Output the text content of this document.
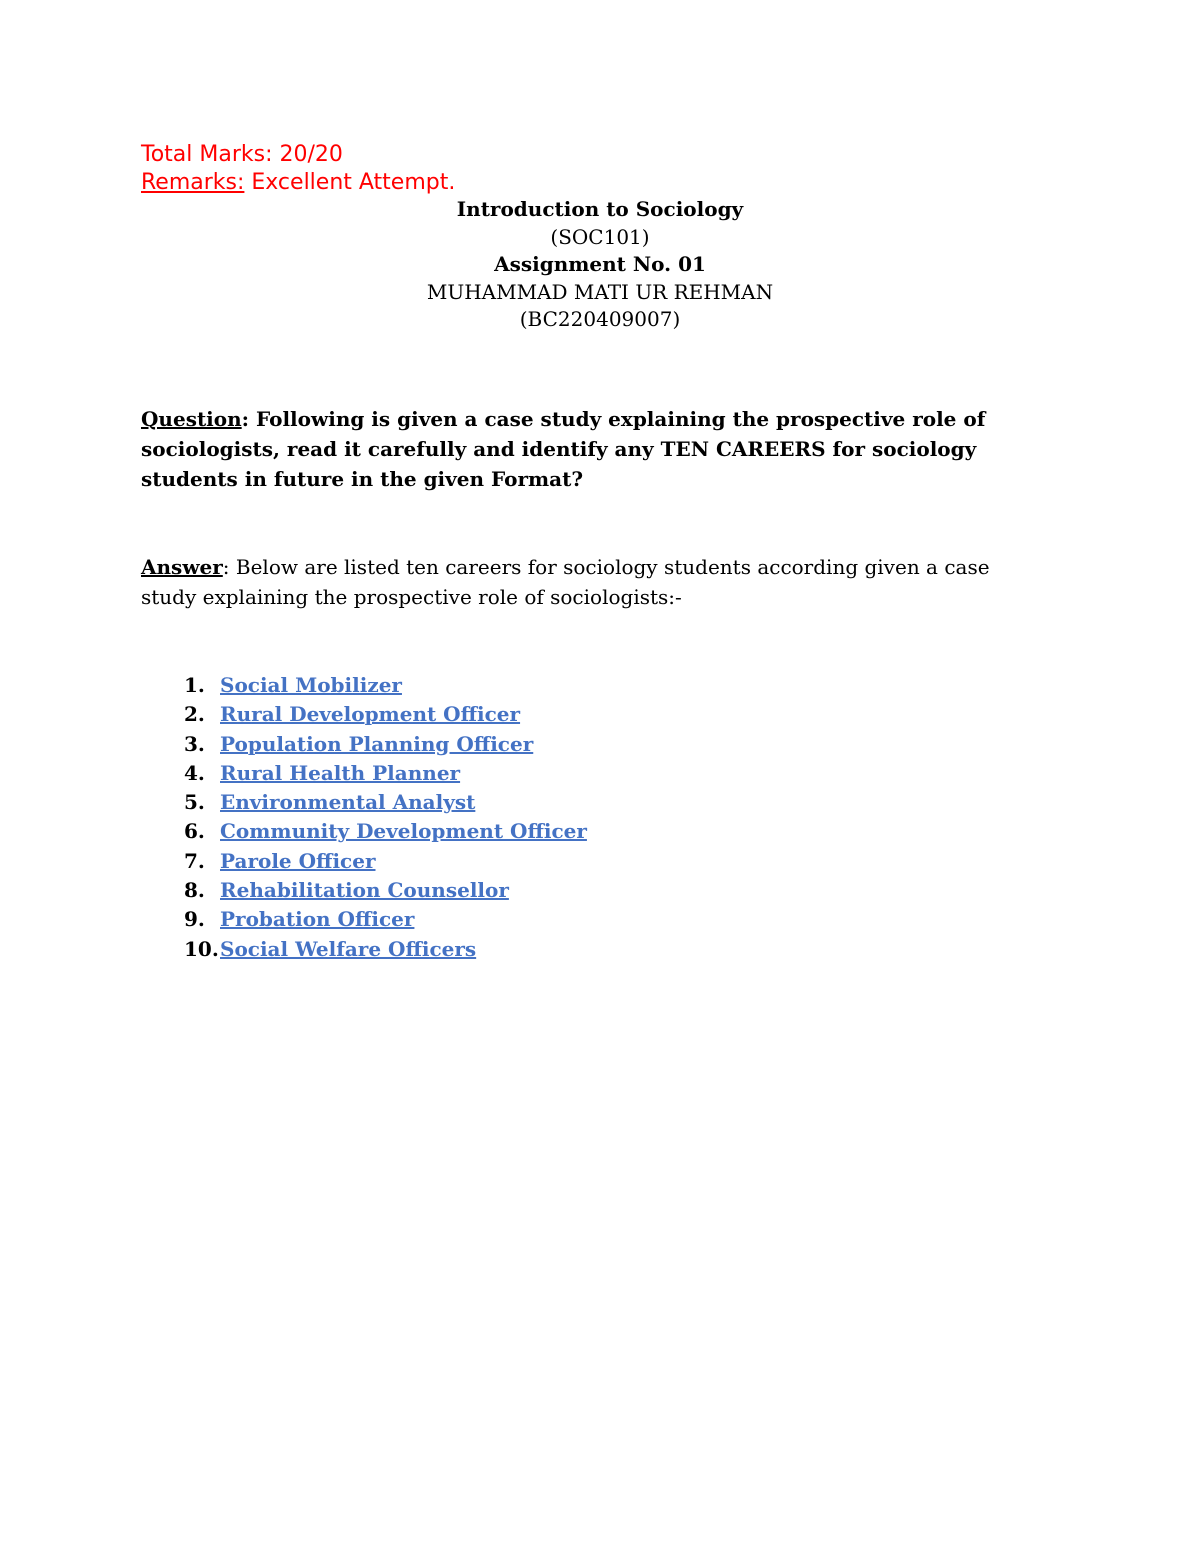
Total Marks: 20/20
Remarks: Excellent Attempt.
Introduction to Sociology
(SOC101)
Assignment No. 01
MUHAMMAD MATI UR REHMAN
(BC220409007)
Question: Following is given a case study explaining the prospective role of sociologists, read it carefully and identify any TEN CAREERS for sociology students in future in the given Format?
Answer: Below are listed ten careers for sociology students according given a case study explaining the prospective role of sociologists:-
1. Social Mobilizer
2. Rural Development Officer
3. Population Planning Officer
4. Rural Health Planner
5. Environmental Analyst
6. Community Development Officer
7. Parole Officer
8. Rehabilitation Counsellor
9. Probation Officer
10. Social Welfare Officers
